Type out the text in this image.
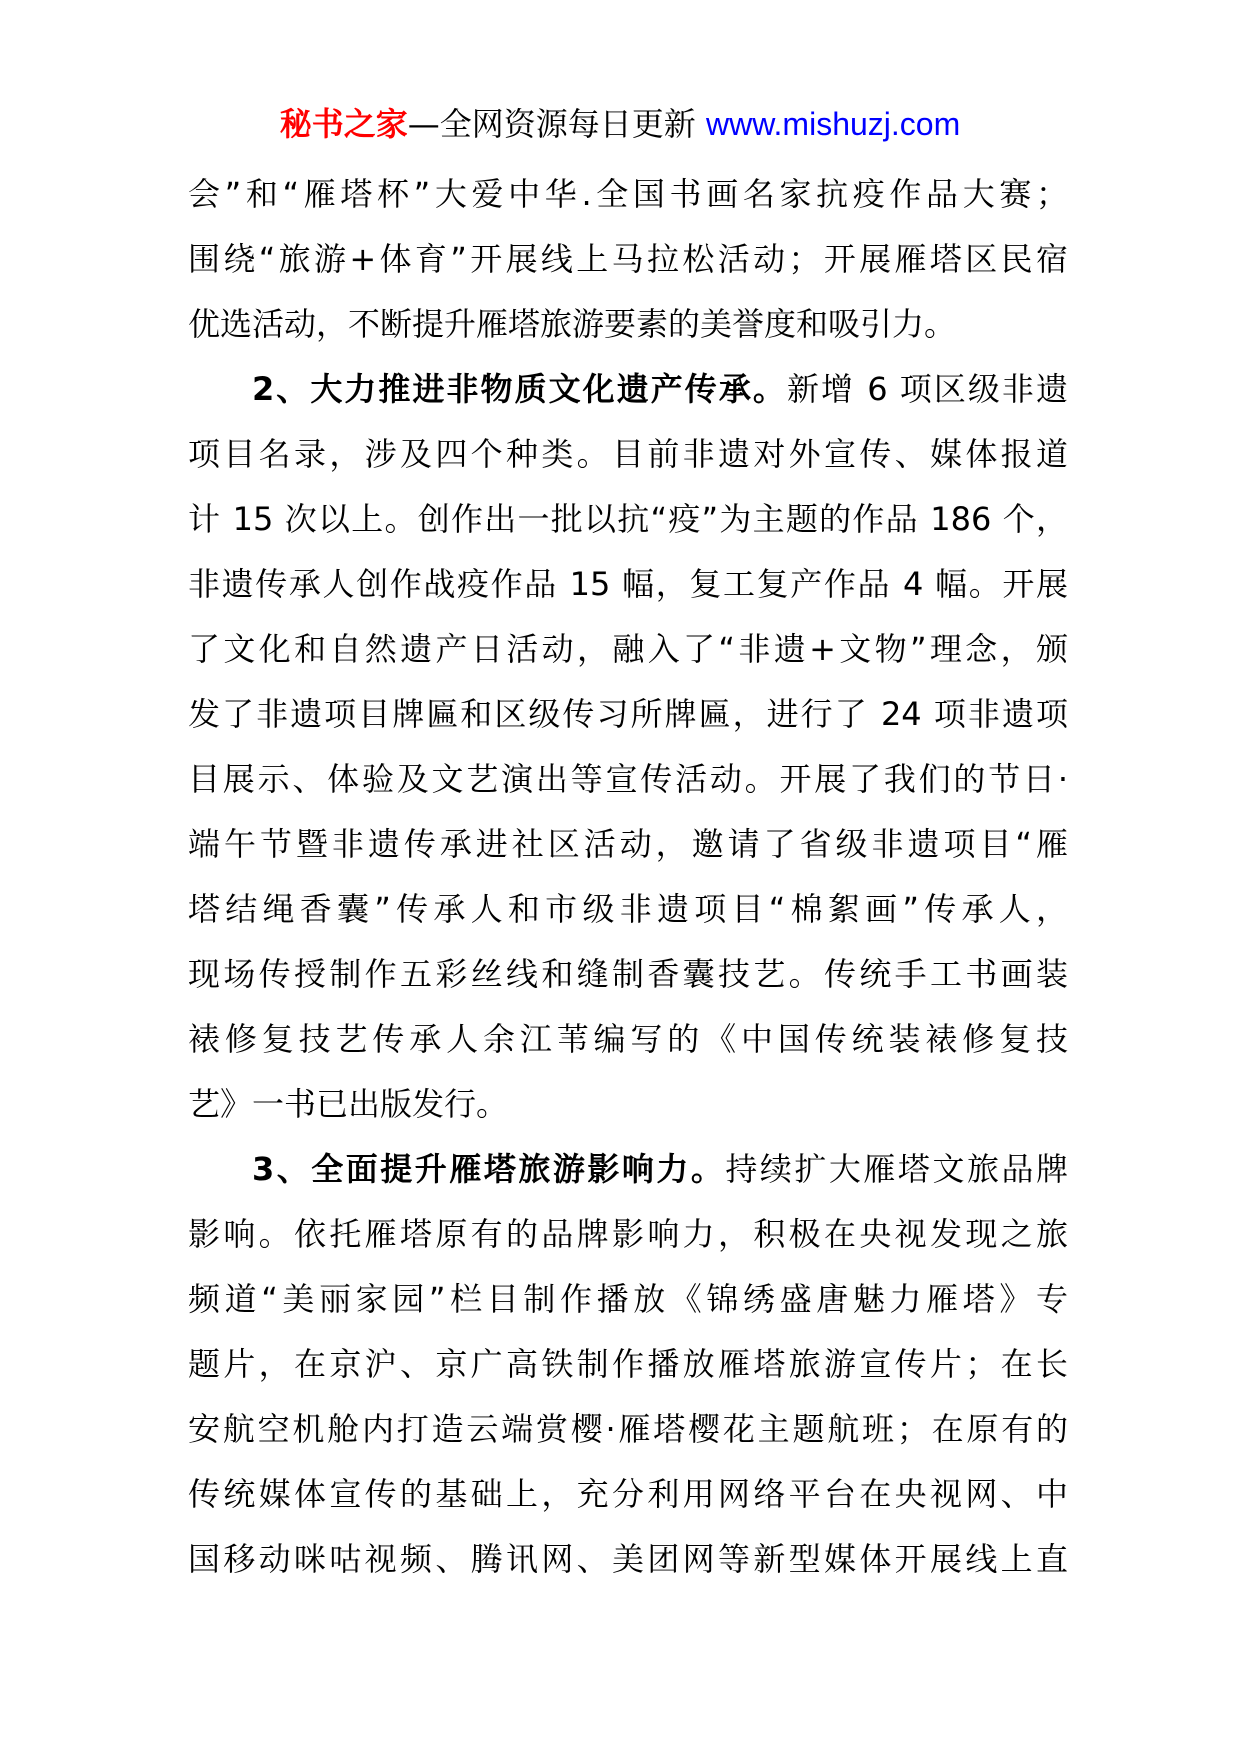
秘书之家—全网资源每日更新 www.mishuzj.com
会”和“雁塔杯”大爱中华.全国书画名家抗疫作品大赛；
围绕“旅游+体育”开展线上马拉松活动；开展雁塔区民宿
优选活动，不断提升雁塔旅游要素的美誉度和吸引力。
2、大力推进非物质文化遗产传承。新增 6 项区级非遗
项目名录，涉及四个种类。目前非遗对外宣传、媒体报道
计 15 次以上。创作出一批以抗“疫”为主题的作品 186 个，
非遗传承人创作战疫作品 15 幅，复工复产作品 4 幅。开展
了文化和自然遗产日活动，融入了“非遗+文物”理念，颁
发了非遗项目牌匾和区级传习所牌匾，进行了 24 项非遗项
目展示、体验及文艺演出等宣传活动。开展了我们的节日·
端午节暨非遗传承进社区活动，邀请了省级非遗项目“雁
塔结绳香囊”传承人和市级非遗项目“棉絮画”传承人，
现场传授制作五彩丝线和缝制香囊技艺。传统手工书画装
裱修复技艺传承人余江苇编写的《中国传统装裱修复技
艺》一书已出版发行。
3、全面提升雁塔旅游影响力。持续扩大雁塔文旅品牌
影响。依托雁塔原有的品牌影响力，积极在央视发现之旅
频道“美丽家园”栏目制作播放《锦绣盛唐魅力雁塔》专
题片，在京沪、京广高铁制作播放雁塔旅游宣传片；在长
安航空机舱内打造云端赏樱·雁塔樱花主题航班；在原有的
传统媒体宣传的基础上，充分利用网络平台在央视网、中
国移动咪咕视频、腾讯网、美团网等新型媒体开展线上直
